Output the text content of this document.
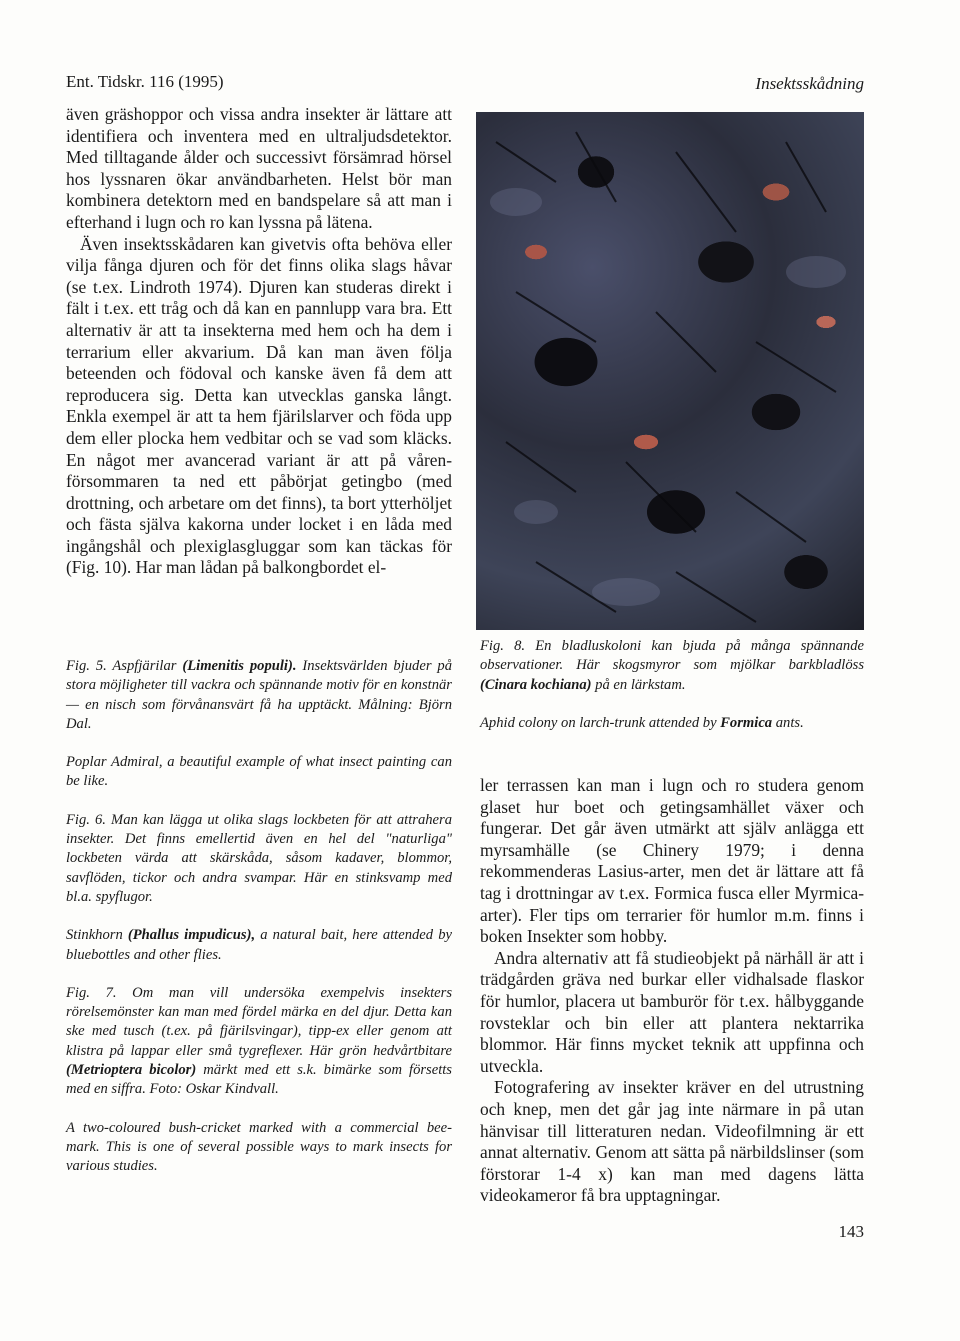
Ent. Tidskr. 116 (1995)	Insektsskådning

även gräshoppor och vissa andra insekter är lättare att identifiera och inventera med en ultraljudsdetektor. Med tilltagande ålder och successivt försämrad hörsel hos lyssnaren ökar användbarheten. Helst bör man kombinera detektorn med en bandspelare så att man i efterhand i lugn och ro kan lyssna på lätena.

Även insektsskådaren kan givetvis ofta behöva eller vilja fånga djuren och för det finns olika slags håvar (se t.ex. Lindroth 1974). Djuren kan studeras direkt i fält i t.ex. ett tråg och då kan en pannlupp vara bra. Ett alternativ är att ta insekterna med hem och ha dem i terrarium eller akvarium. Då kan man även följa beteenden och födoval och kanske även få dem att reproducera sig. Detta kan utvecklas ganska långt. Enkla exempel är att ta hem fjärilslarver och föda upp dem eller plocka hem vedbitar och se vad som kläcks. En något mer avancerad variant är att på våren-försommaren ta ned ett påbörjat getingbo (med drottning, och arbetare om det finns), ta bort ytterhöljet och fästa själva kakorna under locket i en låda med ingångshål och plexiglasgluggar som kan täckas för (Fig. 10). Har man lådan på balkongbordet el-

Fig. 5. Aspfjärilar (Limenitis populi). Insektsvärlden bjuder på stora möjligheter till vackra och spännande motiv för en konstnär — en nisch som förvånansvärt få ha upptäckt. Målning: Björn Dal.

Poplar Admiral, a beautiful example of what insect painting can be like.

Fig. 6. Man kan lägga ut olika slags lockbeten för att attrahera insekter. Det finns emellertid även en hel del "naturliga" lockbeten värda att skärskåda, såsom kadaver, blommor, savflöden, tickor och andra svampar. Här en stinksvamp med bl.a. spyflugor.

Stinkhorn (Phallus impudicus), a natural bait, here attended by bluebottles and other flies.

Fig. 7. Om man vill undersöka exempelvis insekters rörelsemönster kan man med fördel märka en del djur. Detta kan ske med tusch (t.ex. på fjärilsvingar), tipp-ex eller genom att klistra på lappar eller små tygreflexer. Här grön hedvårtbitare (Metrioptera bicolor) märkt med ett s.k. bimärke som försetts med en siffra. Foto: Oskar Kindvall.

A two-coloured bush-cricket marked with a commercial bee-mark. This is one of several possible ways to mark insects for various studies.

Fig. 8. En bladluskoloni kan bjuda på många spännande observationer. Här skogsmyror som mjölkar barkbladlöss (Cinara kochiana) på en lärkstam.

Aphid colony on larch-trunk attended by Formica ants.

ler terrassen kan man i lugn och ro studera genom glaset hur boet och getingsamhället växer och fungerar. Det går även utmärkt att själv anlägga ett myrsamhälle (se Chinery 1979; i denna rekommenderas Lasius-arter, men det är lättare att få tag i drottningar av t.ex. Formica fusca eller Myrmica-arter). Fler tips om terrarier för humlor m.m. finns i boken Insekter som hobby.

Andra alternativ att få studieobjekt på närhåll är att i trädgården gräva ned burkar eller vidhalsade flaskor för humlor, placera ut bamburör för t.ex. hålbyggande rovsteklar och bin eller att plantera nektarrika blommor. Här finns mycket teknik att uppfinna och utveckla.

Fotografering av insekter kräver en del utrustning och knep, men det går jag inte närmare in på utan hänvisar till litteraturen nedan. Videofilmning är ett annat alternativ. Genom att sätta på närbildslinser (som förstorar 1-4 x) kan man med dagens lätta videokameror få bra upptagningar.

143
